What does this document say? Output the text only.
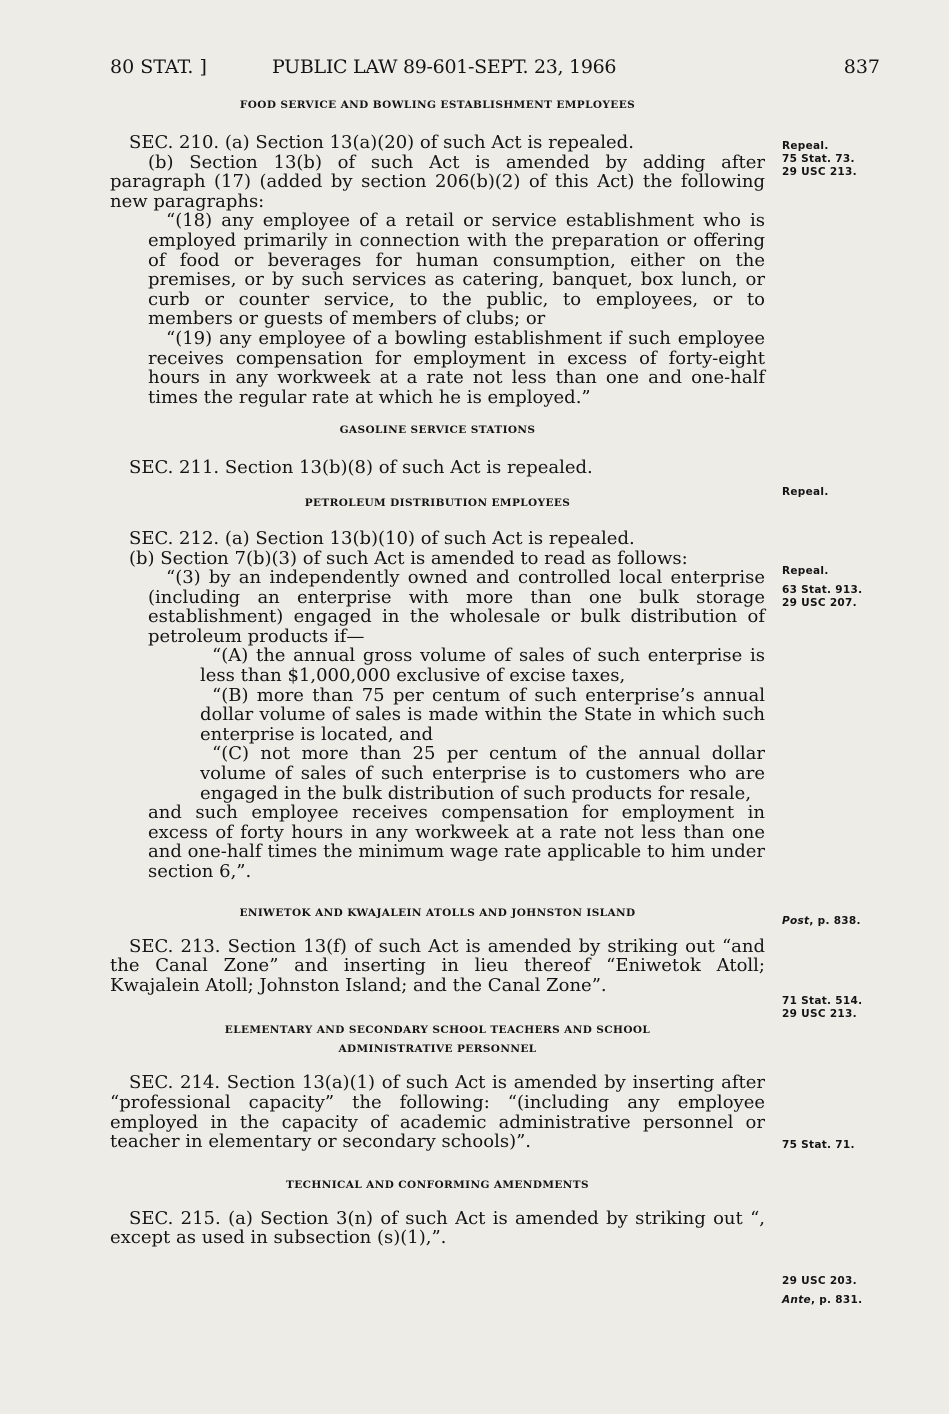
80 STAT. ]	PUBLIC LAW 89-601-SEPT. 23, 1966	837

FOOD SERVICE AND BOWLING ESTABLISHMENT EMPLOYEES

SEC. 210. (a) Section 13(a)(20) of such Act is repealed.

(b) Section 13(b) of such Act is amended by adding after paragraph (17) (added by section 206(b)(2) of this Act) the following new paragraphs:

“(18) any employee of a retail or service establishment who is employed primarily in connection with the preparation or offering of food or beverages for human consumption, either on the premises, or by such services as catering, banquet, box lunch, or curb or counter service, to the public, to employees, or to members or guests of members of clubs; or

“(19) any employee of a bowling establishment if such employee receives compensation for employment in excess of forty-eight hours in any workweek at a rate not less than one and one-half times the regular rate at which he is employed.”

GASOLINE SERVICE STATIONS

SEC. 211. Section 13(b)(8) of such Act is repealed.

PETROLEUM DISTRIBUTION EMPLOYEES

SEC. 212. (a) Section 13(b)(10) of such Act is repealed.

(b) Section 7(b)(3) of such Act is amended to read as follows:

“(3) by an independently owned and controlled local enterprise (including an enterprise with more than one bulk storage establishment) engaged in the wholesale or bulk distribution of petroleum products if—

“(A) the annual gross volume of sales of such enterprise is less than $1,000,000 exclusive of excise taxes,

“(B) more than 75 per centum of such enterprise’s annual dollar volume of sales is made within the State in which such enterprise is located, and

“(C) not more than 25 per centum of the annual dollar volume of sales of such enterprise is to customers who are engaged in the bulk distribution of such products for resale,

and such employee receives compensation for employment in excess of forty hours in any workweek at a rate not less than one and one-half times the minimum wage rate applicable to him under section 6,”.

ENIWETOK AND KWAJALEIN ATOLLS AND JOHNSTON ISLAND

SEC. 213. Section 13(f) of such Act is amended by striking out “and the Canal Zone” and inserting in lieu thereof “Eniwetok Atoll; Kwajalein Atoll; Johnston Island; and the Canal Zone”.

ELEMENTARY AND SECONDARY SCHOOL TEACHERS AND SCHOOL

ADMINISTRATIVE PERSONNEL

SEC. 214. Section 13(a)(1) of such Act is amended by inserting after “professional capacity” the following: “(including any employee employed in the capacity of academic administrative personnel or teacher in elementary or secondary schools)”.

TECHNICAL AND CONFORMING AMENDMENTS

SEC. 215. (a) Section 3(n) of such Act is amended by striking out “, except as used in subsection (s)(1),”.

Repeal.
75 Stat. 73.
29 USC 213.
Repeal.
Repeal.
63 Stat. 913.
29 USC 207.
Post, p. 838.
71 Stat. 514.
29 USC 213.
75 Stat. 71.
29 USC 203.
Ante, p. 831.
